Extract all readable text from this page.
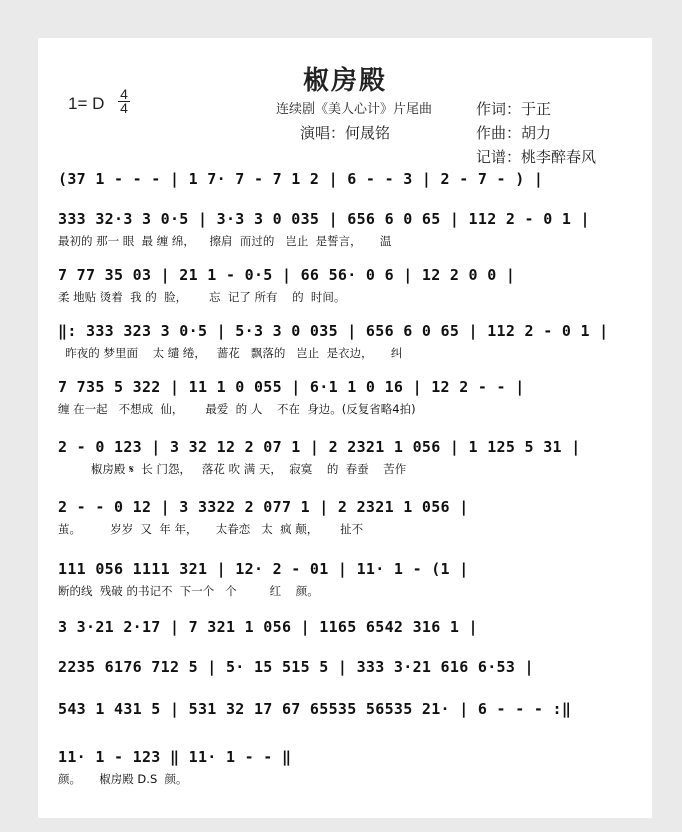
椒房殿
1= D 4
4	连续剧《美人心计》片尾曲
演唱：何晟铭
作词：于正
作曲：胡力
记谱：桃李醉春风
(37 1 - - - | 1 7· 7 - 7 1 2 | 6 - - 3 | 2 - 7 - ) |
333 32·3 3 0·5 | 3·3 3 0 035 | 656 6 0 65 | 112 2 - 0 1 |
最初的 那一 眼  最 缠 绵，    擦肩  而过的   岂止  是誓言，     温
7 77 35 03 | 21 1 - 0·5 | 66 56· 0 6 | 12 2 0 0 |
柔 地贴 烫着  我 的  脸，      忘  记了 所有    的  时间。
‖: 333 323 3 0·5 | 5·3 3 0 035 | 656 6 0 65 | 112 2 - 0 1 |
昨夜的 梦里面    太 缱 绻，   蔷花   飘落的   岂止  是衣边，     纠
7 735 5 322 | 11 1 0 055 | 6·1 1 0 16 | 12 2 - - |
缠 在一起   不想成  仙，      最爱  的 人    不在  身边。(反复省略4拍)
2 - 0 123 | 3 32 12 2 07 1 | 2 2321 1 056 | 1 125 5 31 |
椒房殿 𝄋  长 门怨，   落花 吹 满 天，  寂寞    的  春蚕    苦作
2 - - 0 12 | 3 3322 2 077 1 | 2 2321 1 056 |
茧。        岁岁  又  年 年，     太眷恋   太  疯 颠，      扯不
111 056 1111 321 | 12· 2 - 01 | 11· 1 - (1 |
断的线  残破 的书记不  下一个   个         红    颜。
3 3·21 2·17 | 7 321 1 056 | 1165 6542 316 1 |
2235 6176 712 5 | 5· 15 515 5 | 333 3·21 616 6·53 |
543 1 431 5 | 531 32 17 67 65535 56535 21· | 6 - - - :‖
11· 1 - 123 ‖ 11· 1 - - ‖
颜。     椒房殿 D.S  颜。
